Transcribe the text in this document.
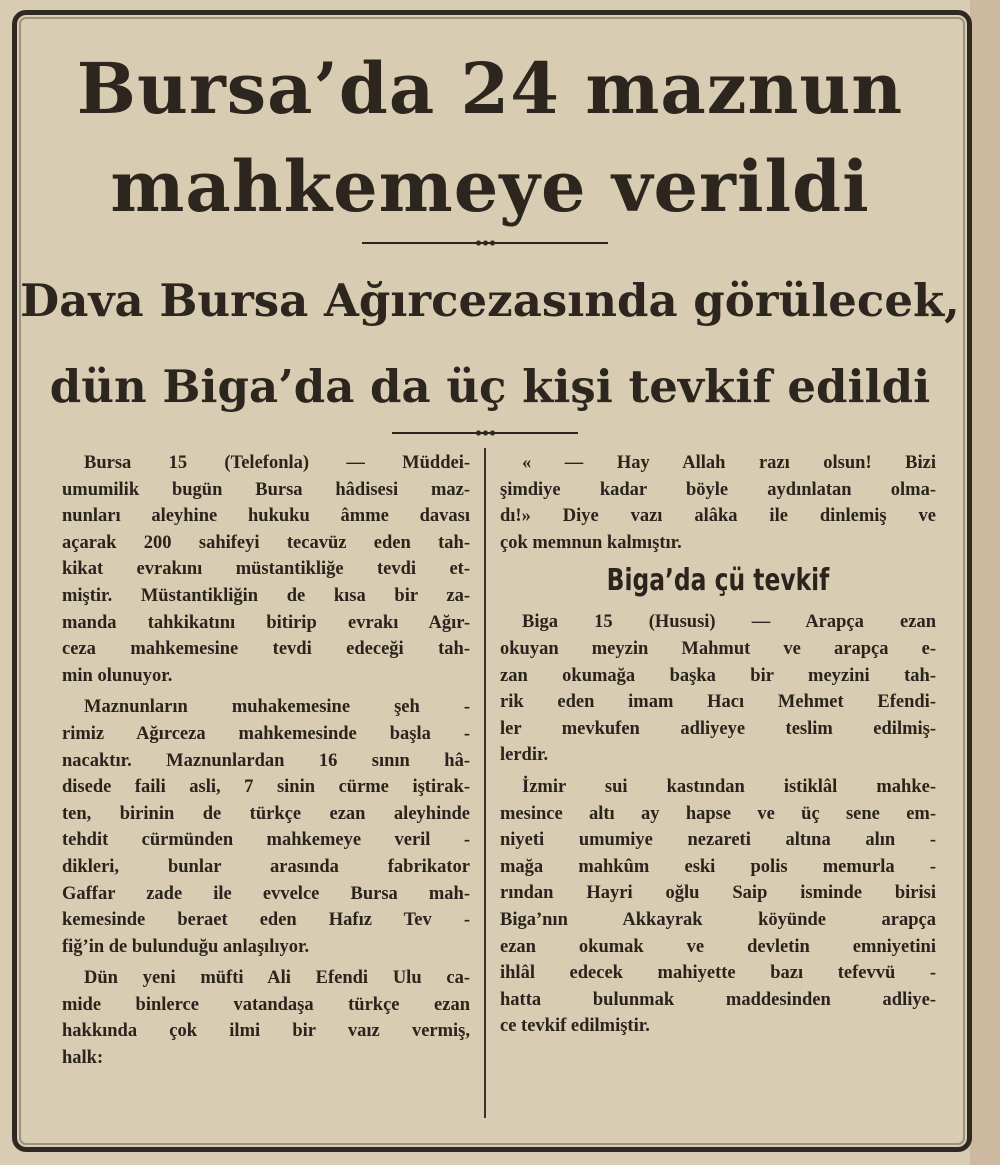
Bursa’da 24 maznun
mahkemeye verildi
Dava Bursa Ağırcezasında görülecek,
dün Biga’da da üç kişi tevkif edildi
Bursa 15 (Telefonla) — Müddei-
umumilik bugün Bursa hâdisesi maz-
nunları aleyhine hukuku âmme davası
açarak 200 sahifeyi tecavüz eden tah-
kikat evrakını müstantikliğe tevdi et-
miştir. Müstantikliğin de kısa bir za-
manda tahkikatını bitirip evrakı Ağır-
ceza mahkemesine tevdi edeceği tah-
min olunuyor.
Maznunların muhakemesine şeh -
rimiz Ağırceza mahkemesinde başla -
nacaktır. Maznunlardan 16 sının hâ-
disede faili asli, 7 sinin cürme iştirak-
ten, birinin de türkçe ezan aleyhinde
tehdit cürmünden mahkemeye veril -
dikleri, bunlar arasında fabrikator
Gaffar zade ile evvelce Bursa mah-
kemesinde beraet eden Hafız Tev -
fiğ’in de bulunduğu anlaşılıyor.
Dün yeni müfti Ali Efendi Ulu ca-
mide binlerce vatandaşa türkçe ezan
hakkında çok ilmi bir vaız vermiş,
halk:
« — Hay Allah razı olsun! Bizi
şimdiye kadar böyle aydınlatan olma-
dı!» Diye vazı alâka ile dinlemiş ve
çok memnun kalmıştır.
Biga’da çü tevkif
Biga 15 (Hususi) — Arapça ezan
okuyan meyzin Mahmut ve arapça e-
zan okumağa başka bir meyzini tah-
rik eden imam Hacı Mehmet Efendi-
ler mevkufen adliyeye teslim edilmiş-
lerdir.
İzmir sui kastından istiklâl mahke-
mesince altı ay hapse ve üç sene em-
niyeti umumiye nezareti altına alın -
mağa mahkûm eski polis memurla -
rından Hayri oğlu Saip isminde birisi
Biga’nın Akkayrak köyünde arapça
ezan okumak ve devletin emniyetini
ihlâl edecek mahiyette bazı tefevvü -
hatta bulunmak maddesinden adliye-
ce tevkif edilmiştir.
